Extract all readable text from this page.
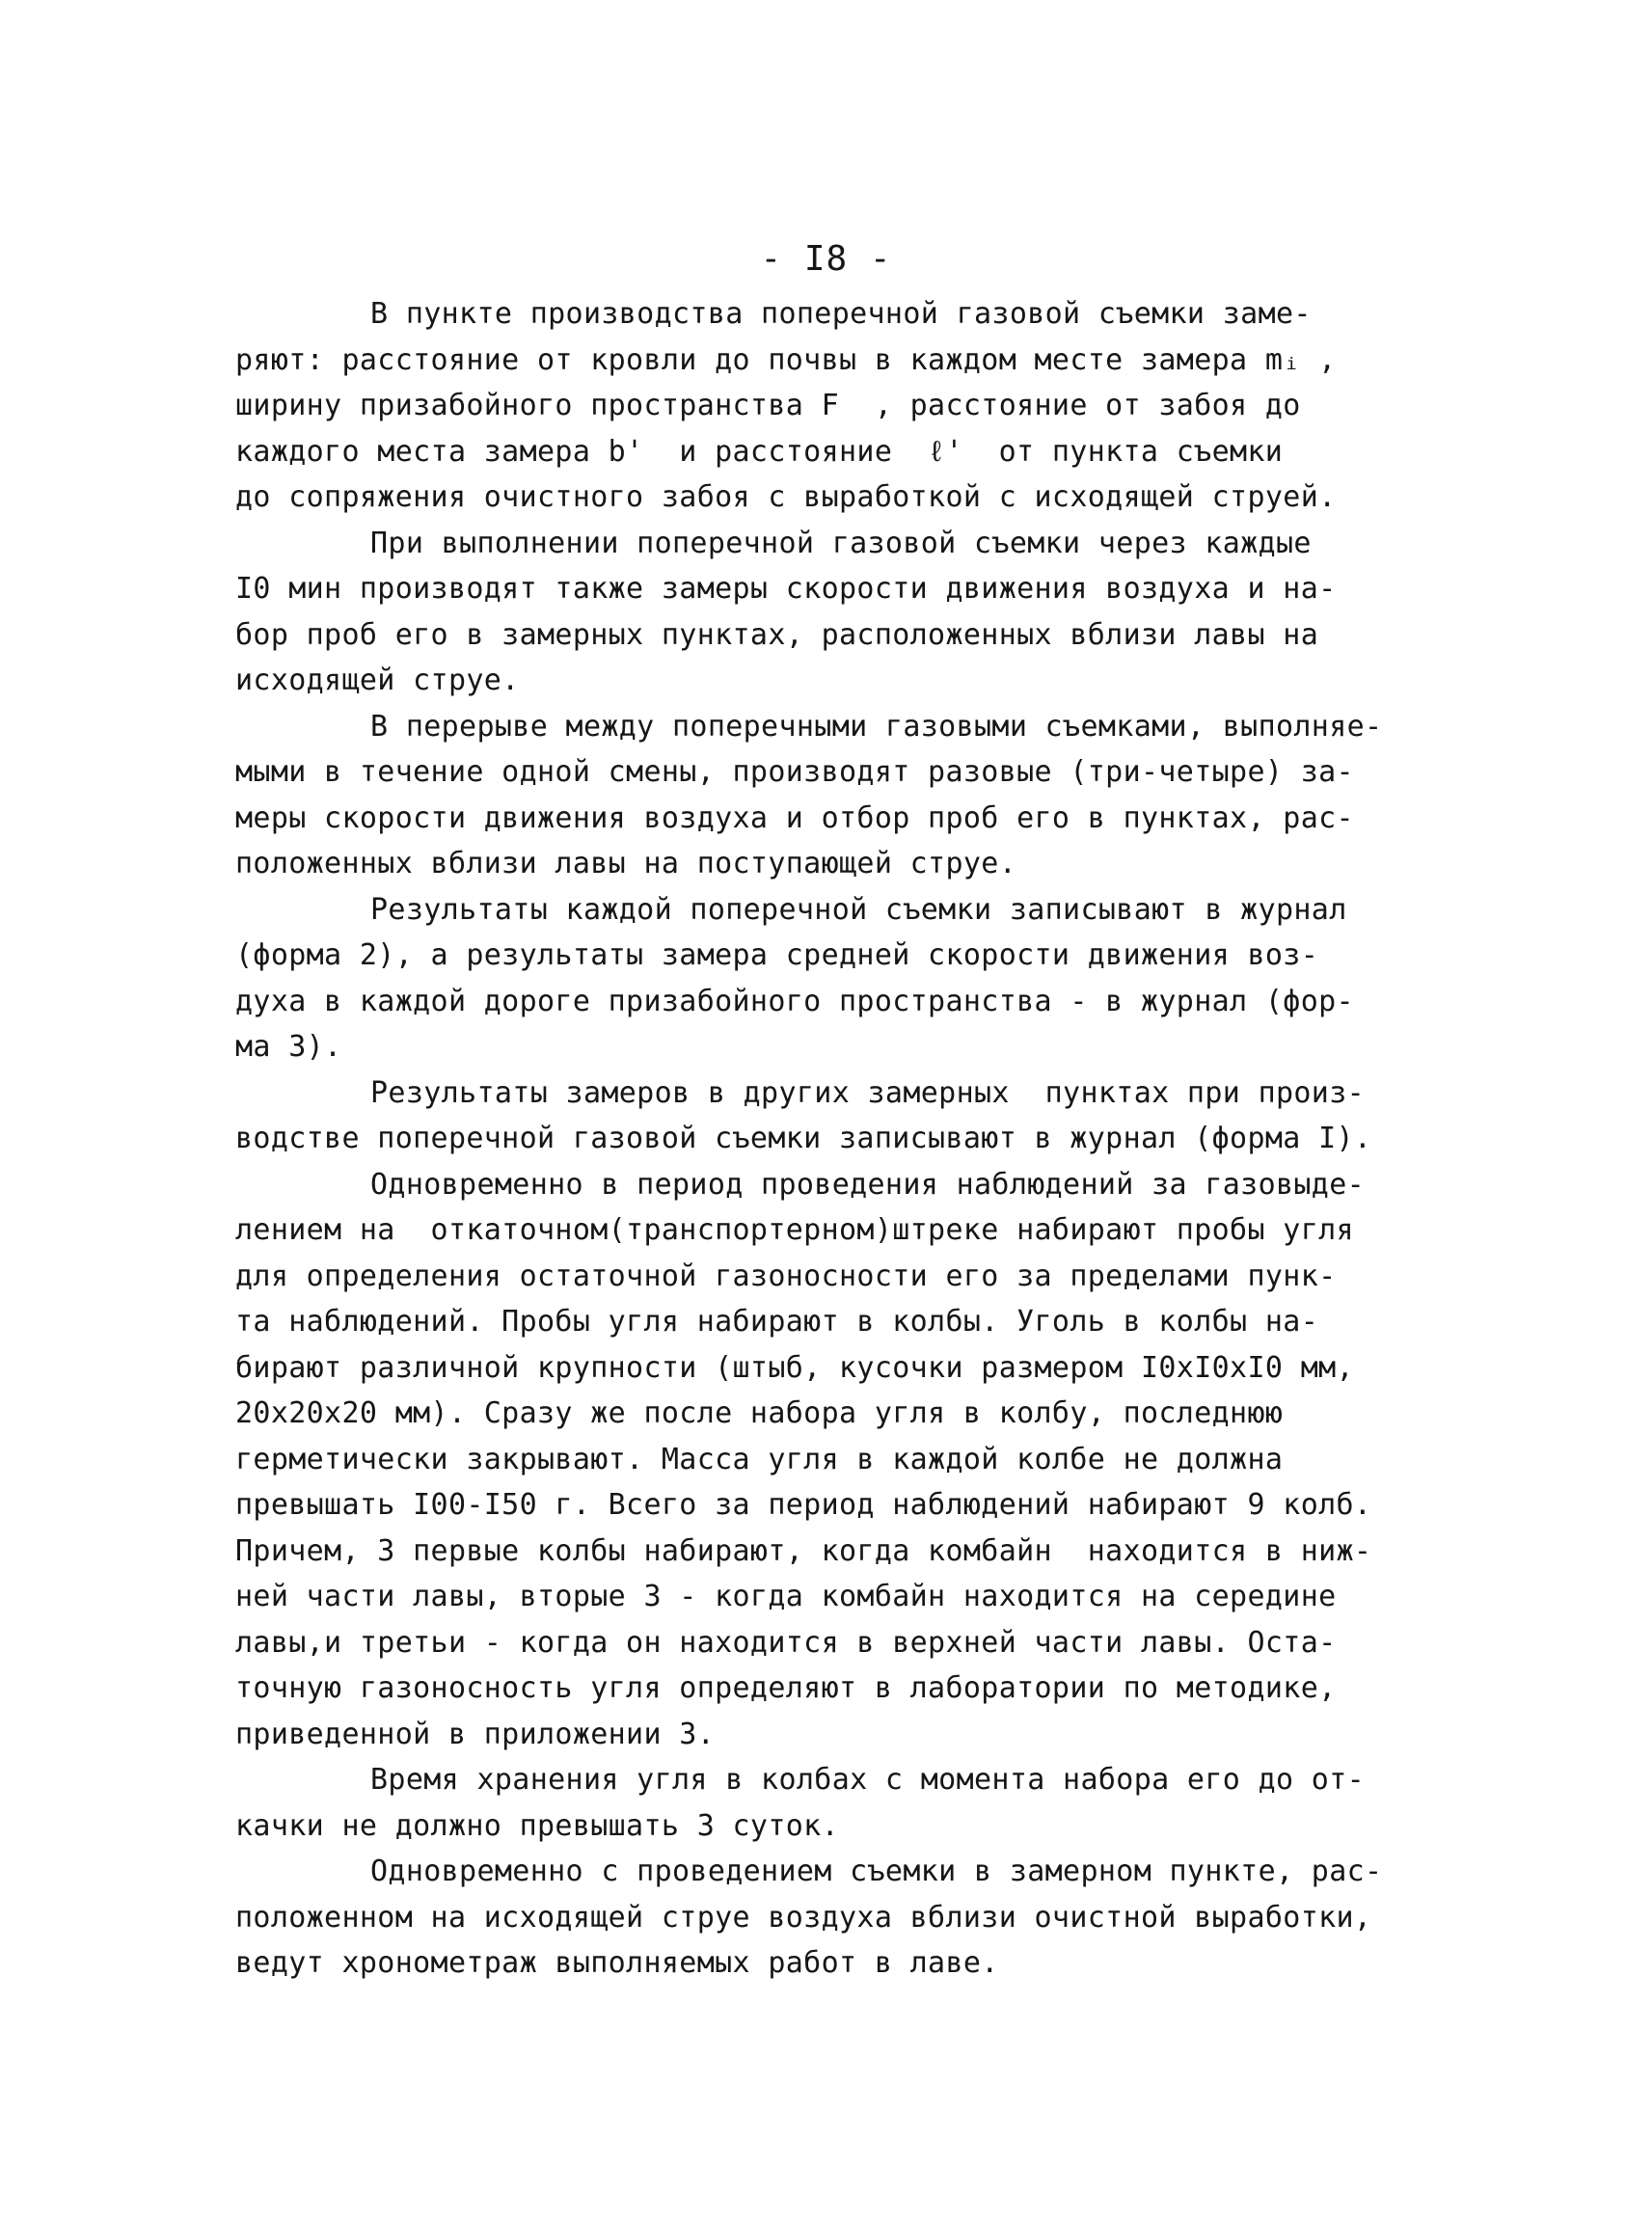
- I8 -
В пункте производства поперечной газовой съемки заме-
ряют: расстояние от кровли до почвы в каждом месте замера mᵢ ,
ширину призабойного пространства F  , расстояние от забоя до
каждого места замера b'  и расстояние  ℓ'  от пункта съемки
до сопряжения очистного забоя с выработкой с исходящей струей.
При выполнении поперечной газовой съемки через каждые
I0 мин производят также замеры скорости движения воздуха и на-
бор проб его в замерных пунктах, расположенных вблизи лавы на
исходящей струе.
В перерыве между поперечными газовыми съемками, выполняе-
мыми в течение одной смены, производят разовые (три-четыре) за-
меры скорости движения воздуха и отбор проб его в пунктах, рас-
положенных вблизи лавы на поступающей струе.
Результаты каждой поперечной съемки записывают в журнал
(форма 2), а результаты замера средней скорости движения воз-
духа в каждой дороге призабойного пространства - в журнал (фор-
ма 3).
Результаты замеров в других замерных  пунктах при произ-
водстве поперечной газовой съемки записывают в журнал (форма I).
Одновременно в период проведения наблюдений за газовыде-
лением на  откаточном(транспортерном)штреке набирают пробы угля
для определения остаточной газоносности его за пределами пунк-
та наблюдений. Пробы угля набирают в колбы. Уголь в колбы на-
бирают различной крупности (штыб, кусочки размером I0xI0xI0 мм,
20x20x20 мм). Сразу же после набора угля в колбу, последнюю
герметически закрывают. Масса угля в каждой колбе не должна
превышать I00-I50 г. Всего за период наблюдений набирают 9 колб.
Причем, 3 первые колбы набирают, когда комбайн  находится в ниж-
ней части лавы, вторые 3 - когда комбайн находится на середине
лавы,и третьи - когда он находится в верхней части лавы. Оста-
точную газоносность угля определяют в лаборатории по методике,
приведенной в приложении 3.
Время хранения угля в колбах с момента набора его до от-
качки не должно превышать 3 суток.
Одновременно с проведением съемки в замерном пункте, рас-
положенном на исходящей струе воздуха вблизи очистной выработки,
ведут хронометраж выполняемых работ в лаве.
